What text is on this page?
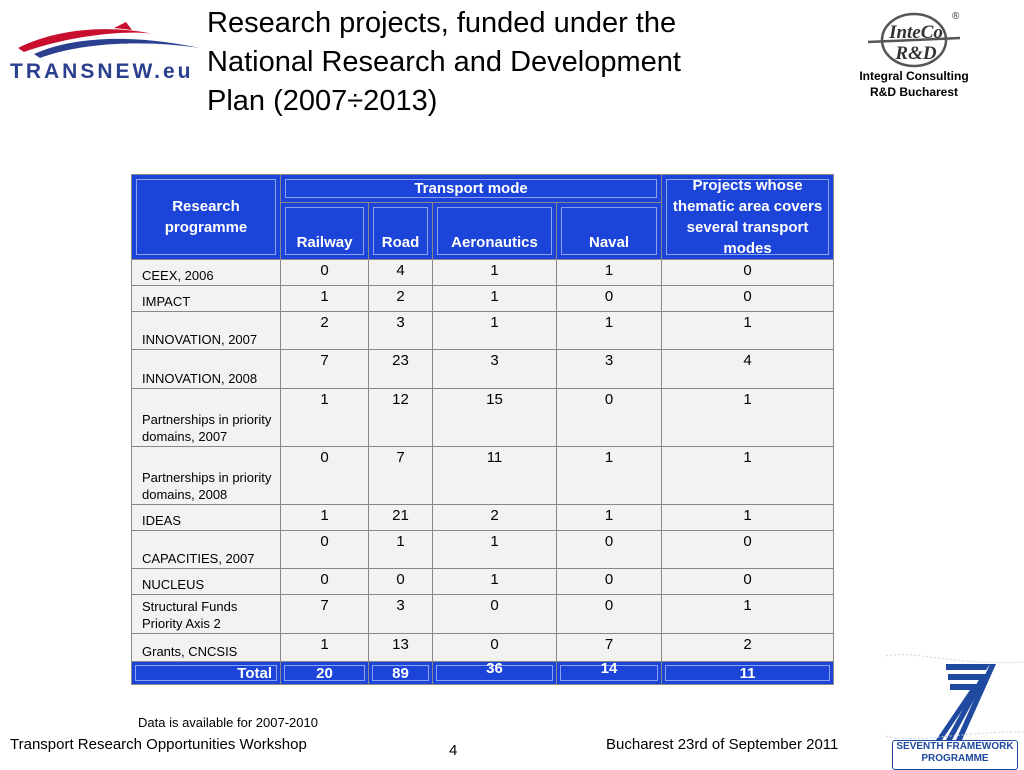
TRANSNEW.eu
Research projects, funded under the
National Research and Development
Plan (2007÷2013)
InteCo
R&D
®
Integral Consulting
R&D Bucharest
Research programme	Transport mode				Projects whose thematic area covers several transport modes
	Railway	Road	Aeronautics	Naval	
CEEX, 2006	0	4	1	1	0
IMPACT	1	2	1	0	0
INNOVATION, 2007	2	3	1	1	1
INNOVATION, 2008	7	23	3	3	4
Partnerships in priority domains, 2007	1	12	15	0	1
Partnerships in priority domains, 2008	0	7	11	1	1
IDEAS	1	21	2	1	1
CAPACITIES, 2007	0	1	1	0	0
NUCLEUS	0	0	1	0	0
Structural Funds Priority Axis 2	7	3	0	0	1
Grants, CNCSIS	1	13	0	7	2
Total	20	89	36	14	11
Data is available for 2007-2010
Transport Research Opportunities Workshop	4	Bucharest 23rd of September 2011	SEVENTH FRAMEWORK
PROGRAMME
